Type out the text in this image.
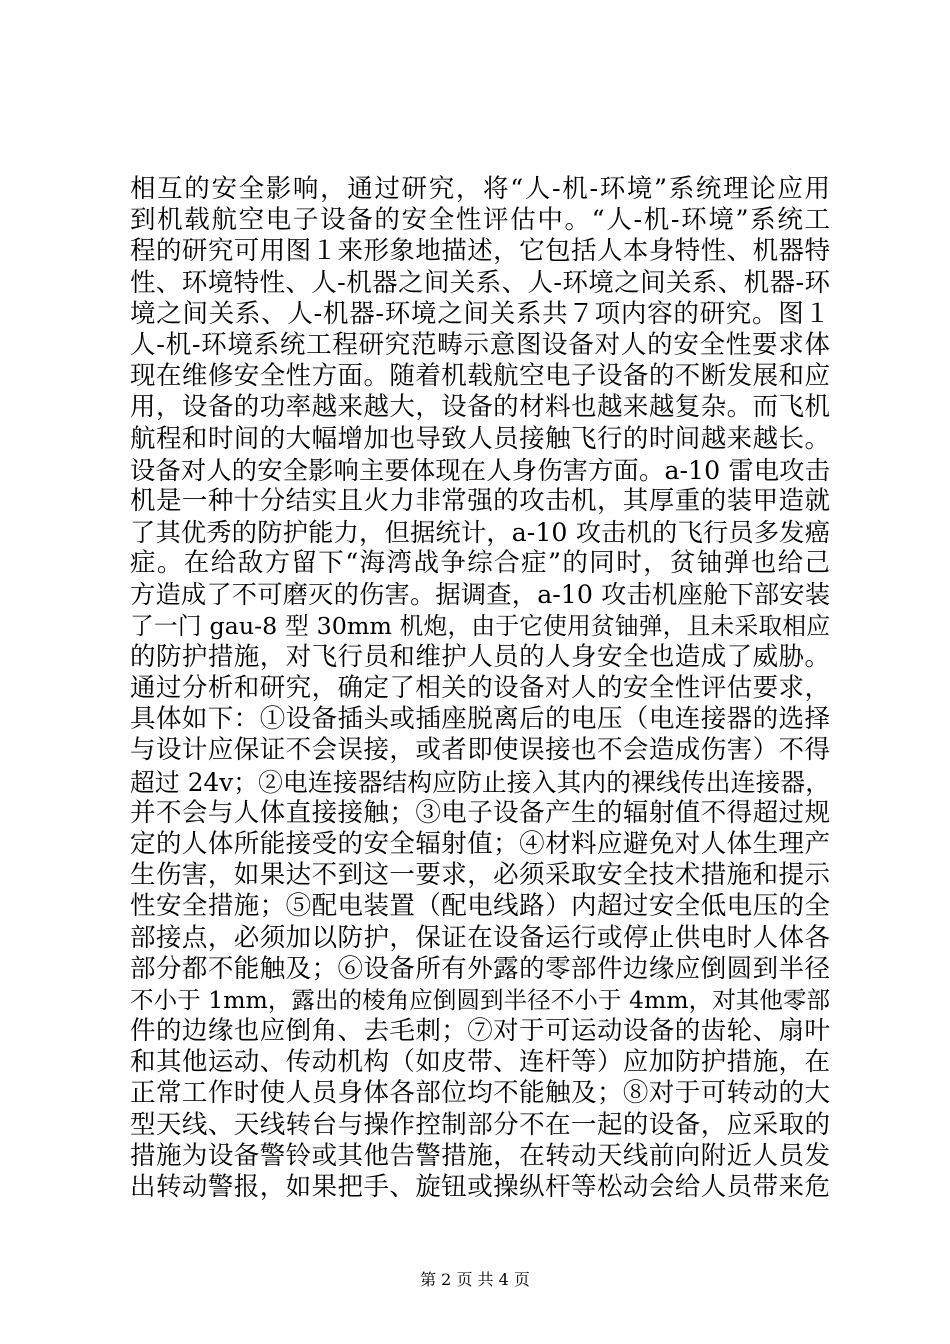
相互的安全影响，通过研究，将“人-机-环境”系统理论应用
到机载航空电子设备的安全性评估中。“人-机-环境”系统工
程的研究可用图１来形象地描述，它包括人本身特性、机器特
性、环境特性、人-机器之间关系、人-环境之间关系、机器-环
境之间关系、人-机器-环境之间关系共７项内容的研究。图１
人-机-环境系统工程研究范畴示意图设备对人的安全性要求体
现在维修安全性方面。随着机载航空电子设备的不断发展和应
用，设备的功率越来越大，设备的材料也越来越复杂。而飞机
航程和时间的大幅增加也导致人员接触飞行的时间越来越长。
设备对人的安全影响主要体现在人身伤害方面。a-10 雷电攻击
机是一种十分结实且火力非常强的攻击机，其厚重的装甲造就
了其优秀的防护能力，但据统计，a-10 攻击机的飞行员多发癌
症。在给敌方留下“海湾战争综合症”的同时，贫铀弹也给己
方造成了不可磨灭的伤害。据调查，a-10 攻击机座舱下部安装
了一门 gau-8 型 30mm 机炮，由于它使用贫铀弹，且未采取相应
的防护措施，对飞行员和维护人员的人身安全也造成了威胁。
通过分析和研究，确定了相关的设备对人的安全性评估要求，
具体如下：①设备插头或插座脱离后的电压（电连接器的选择
与设计应保证不会误接，或者即使误接也不会造成伤害）不得
超过 24v；②电连接器结构应防止接入其内的裸线传出连接器，
并不会与人体直接接触；③电子设备产生的辐射值不得超过规
定的人体所能接受的安全辐射值；④材料应避免对人体生理产
生伤害，如果达不到这一要求，必须采取安全技术措施和提示
性安全措施；⑤配电装置（配电线路）内超过安全低电压的全
部接点，必须加以防护，保证在设备运行或停止供电时人体各
部分都不能触及；⑥设备所有外露的零部件边缘应倒圆到半径
不小于 1mm，露出的棱角应倒圆到半径不小于 4mm，对其他零部
件的边缘也应倒角、去毛刺；⑦对于可运动设备的齿轮、扇叶
和其他运动、传动机构（如皮带、连杆等）应加防护措施，在
正常工作时使人员身体各部位均不能触及；⑧对于可转动的大
型天线、天线转台与操作控制部分不在一起的设备，应采取的
措施为设备警铃或其他告警措施，在转动天线前向附近人员发
出转动警报，如果把手、旋钮或操纵杆等松动会给人员带来危
第 2 页 共 4 页
